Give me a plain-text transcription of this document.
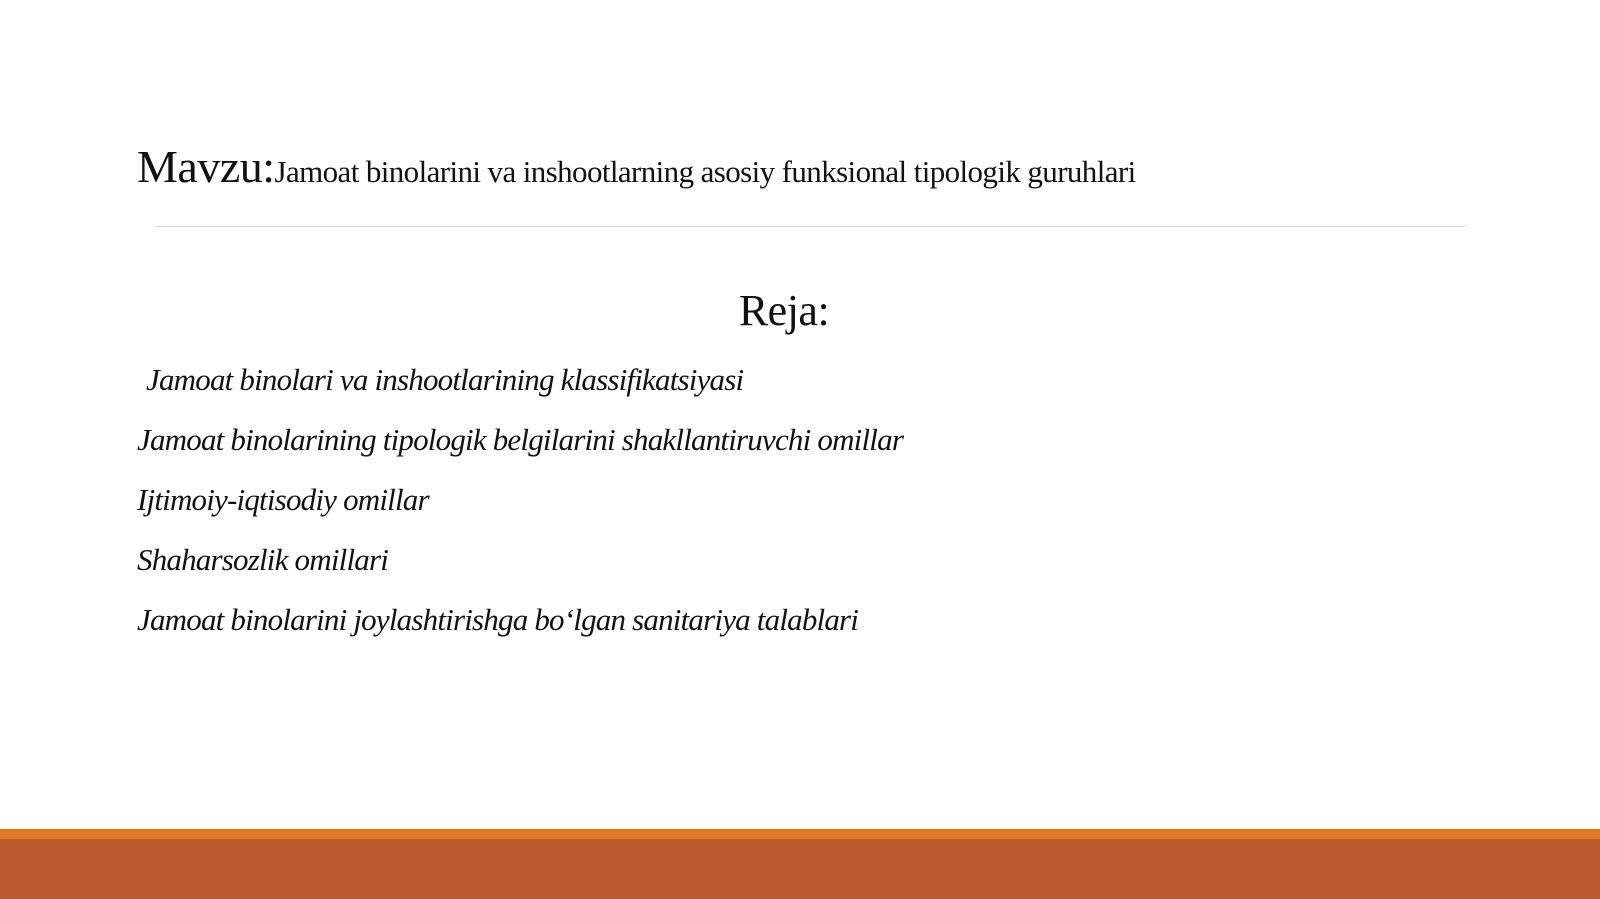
Mavzu:Jamoat binolarini va inshootlarning asosiy funksional tipologik guruhlari
Reja:
Jamoat binolari va inshootlarining klassifikatsiyasi
Jamoat binolarining tipologik belgilarini shakllantiruvchi omillar
Ijtimoiy-iqtisodiy omillar
Shaharsozlik omillari
Jamoat binolarini joylashtirishga bo‘lgan sanitariya talablari
